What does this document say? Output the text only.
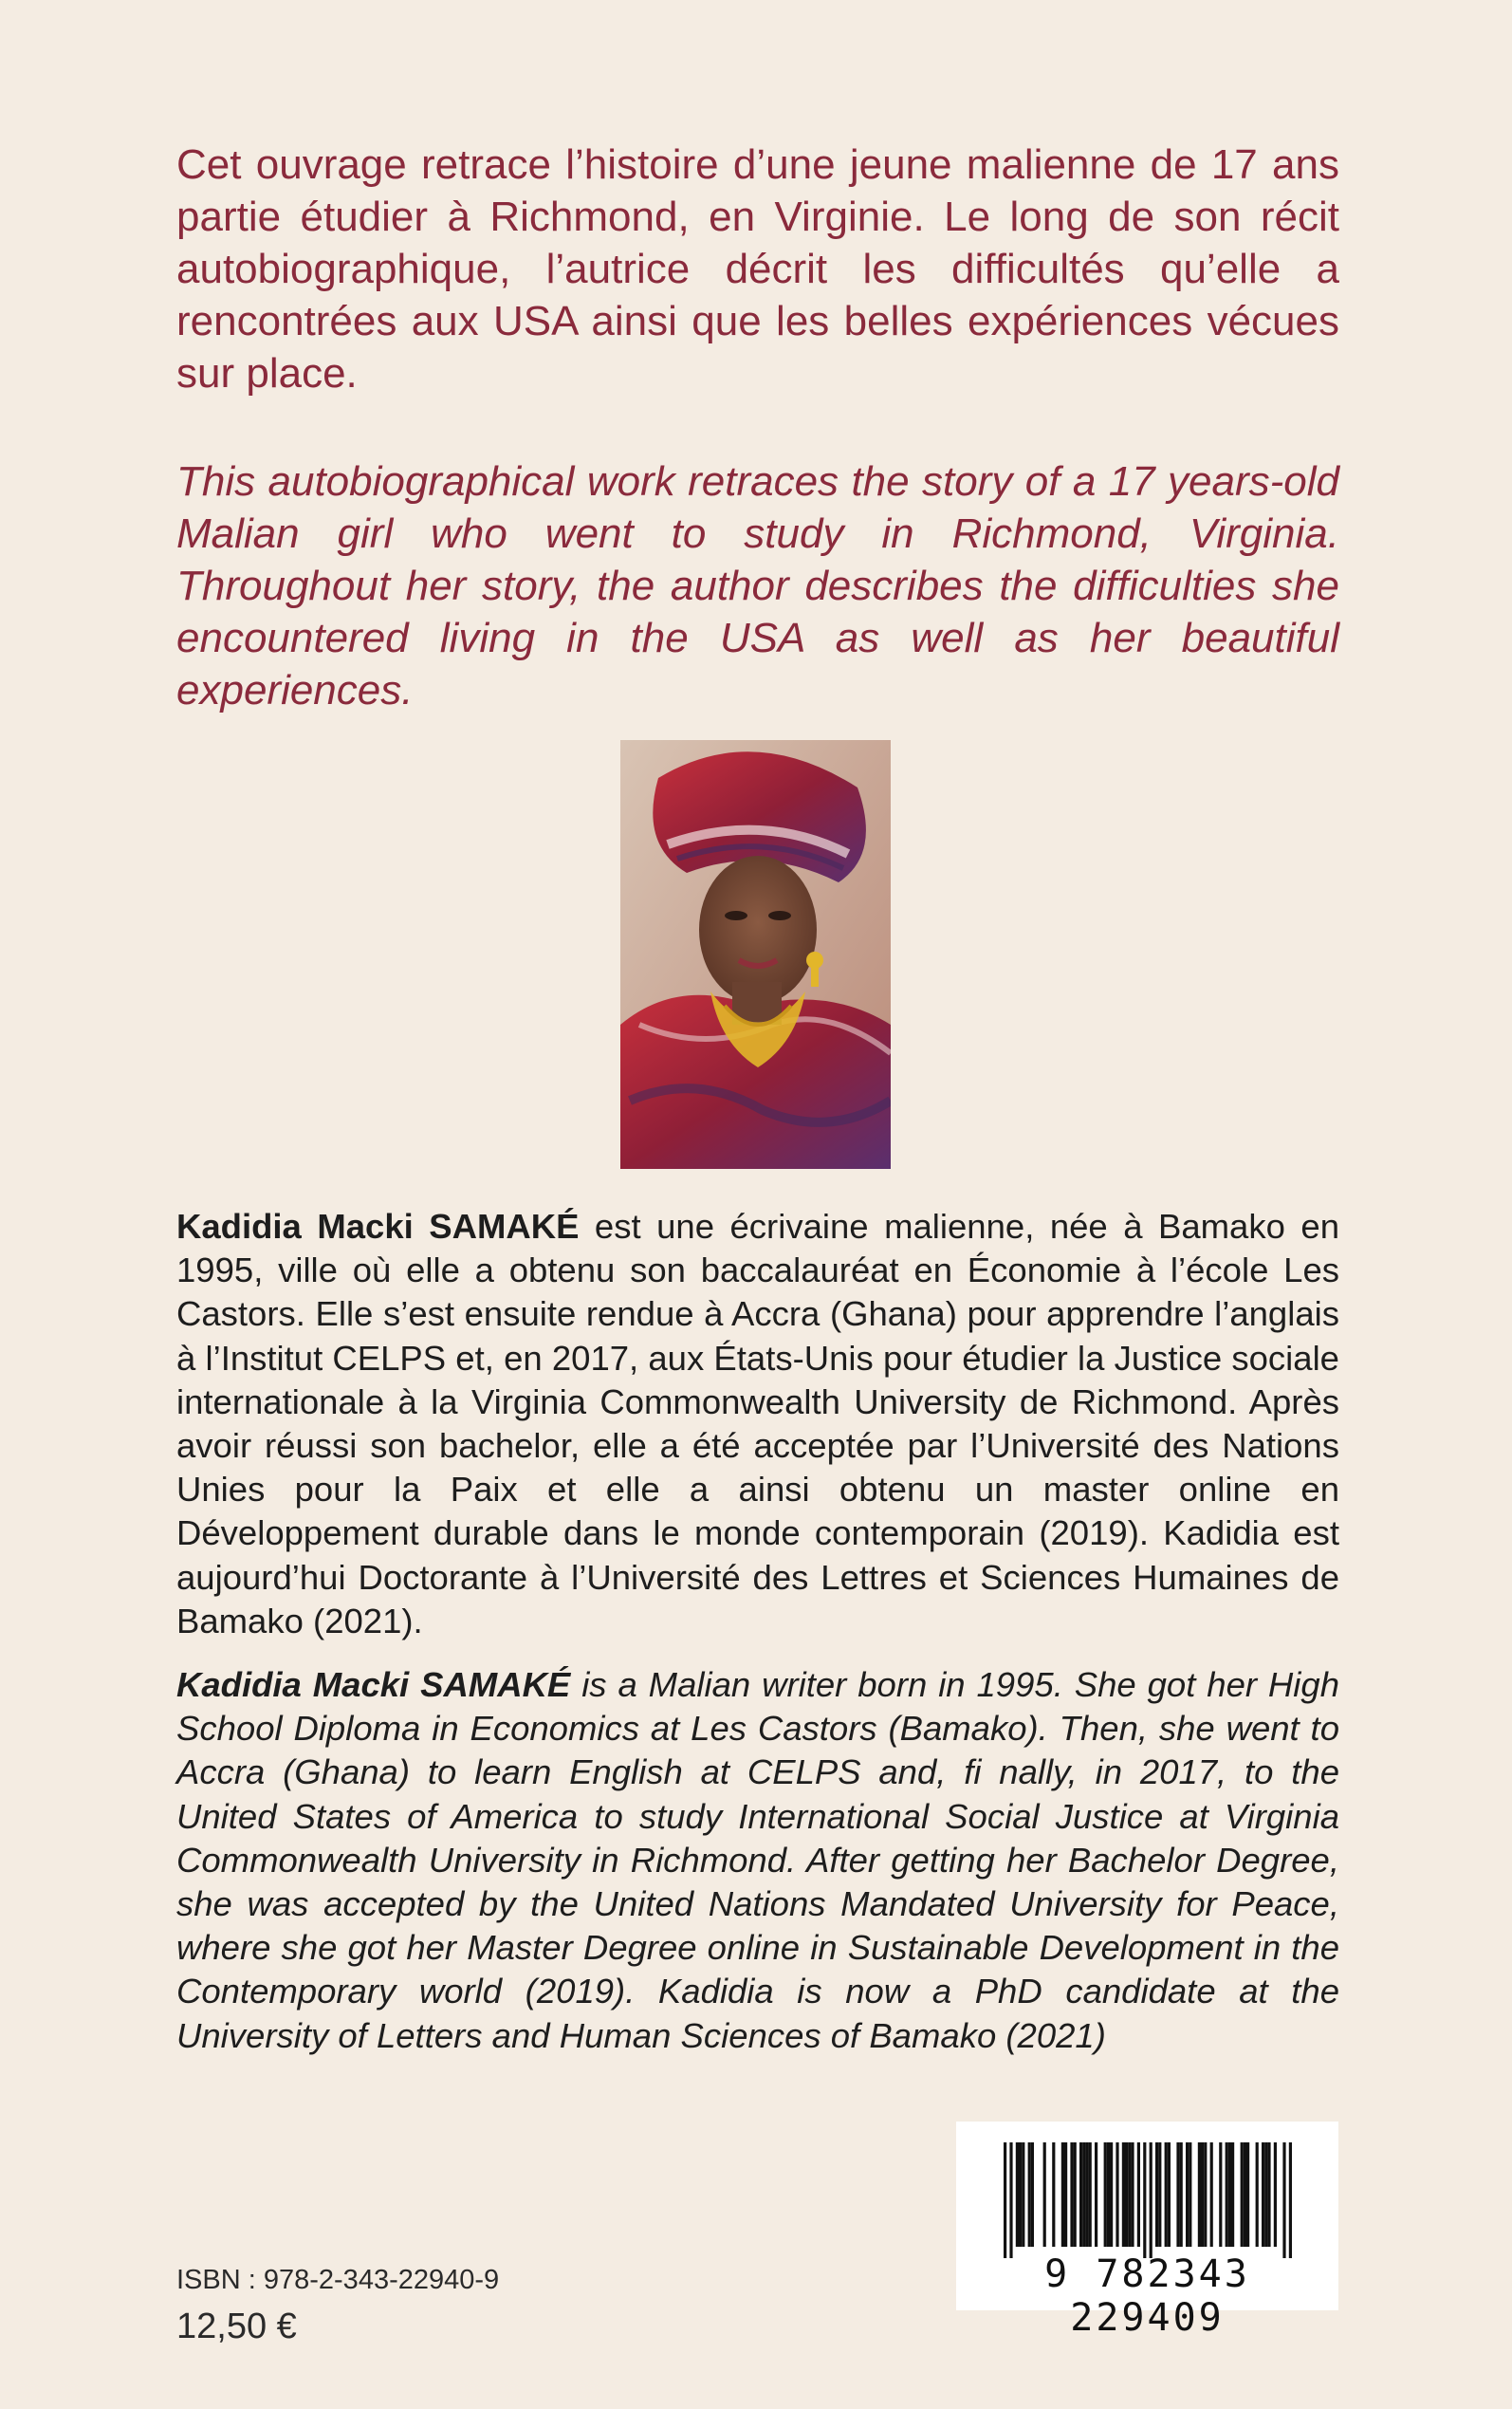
Cet ouvrage retrace l’histoire d’une jeune malienne de 17 ans partie étudier à Richmond, en Virginie. Le long de son récit autobiographique, l’autrice décrit les difficultés qu’elle a rencontrées aux USA ainsi que les belles expériences vécues sur place.

This autobiographical work retraces the story of a 17 years-old Malian girl who went to study in Richmond, Virginia. Throughout her story, the author describes the difficulties she encountered living in the USA as well as her beautiful experiences.

Kadidia Macki SAMAKÉ est une écrivaine malienne, née à Bamako en 1995, ville où elle a obtenu son baccalauréat en Économie à l’école Les Castors. Elle s’est ensuite rendue à Accra (Ghana) pour apprendre l’anglais à l’Institut CELPS et, en 2017, aux États-Unis pour étudier la Justice sociale internationale à la Virginia Commonwealth University de Richmond. Après avoir réussi son bachelor, elle a été acceptée par l’Université des Nations Unies pour la Paix et elle a ainsi obtenu un master online en Développement durable dans le monde contemporain (2019). Kadidia est aujourd’hui Doctorante à l’Université des Lettres et Sciences Humaines de Bamako (2021).

Kadidia Macki SAMAKÉ is a Malian writer born in 1995. She got her High School Diploma in Economics at Les Castors (Bamako). Then, she went to Accra (Ghana) to learn English at CELPS and, fi nally, in 2017, to the United States of America to study International Social Justice at Virginia Commonwealth University in Richmond. After getting her Bachelor Degree, she was accepted by the United Nations Mandated University for Peace, where she got her Master Degree online in Sustainable Development in the Contemporary world (2019). Kadidia is now a PhD candidate at the University of Letters and Human Sciences of Bamako (2021)

ISBN : 978-2-343-22940-9
12,50 €
9 782343 229409
